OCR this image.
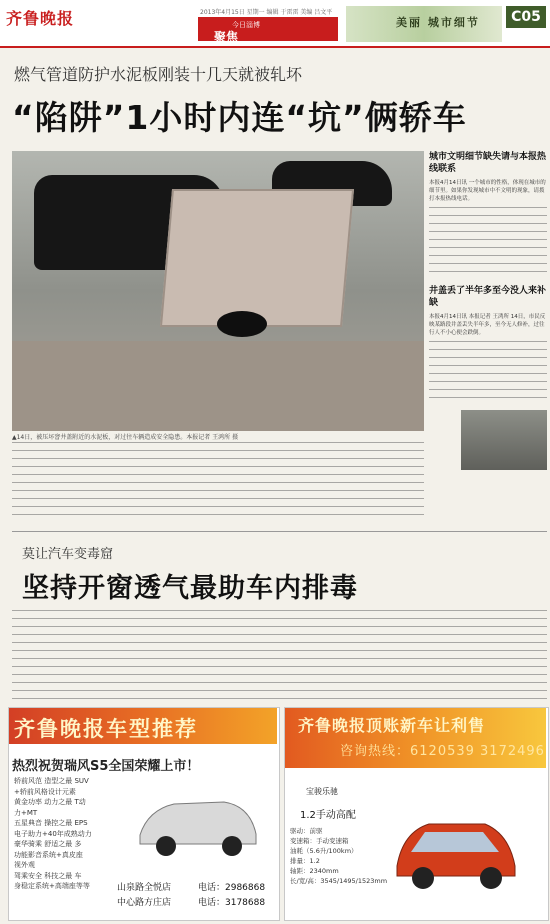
齐鲁晚报	2013年4月15日 星期一 编辑 于雷雷 美编 吕文平
今日淄博
聚焦
美丽 城市细节	C05
燃气管道防护水泥板刚装十几天就被轧坏
“陷阱”1小时内连“坑”俩轿车
▲14日，被压坏窨井盖附近的水泥板，对过往车辆造成安全隐患。本报记者 王鸿所 摄
城市文明细节缺失请与本报热线联系
本报4月14日讯 一个城市的性格，体现在城市的细节里。如果你发现城市中不文明的现象，请拨打本报热线电话。
井盖丢了半年多至今没人来补缺
本报4月14日讯 本报记者 王鸿所 14日，市民反映某路段井盖丢失半年多，至今无人修补，过往行人不小心便会跌倒。
莫让汽车变毒窟
坚持开窗透气最助车内排毒
齐鲁晚报车型推荐
热烈祝贺瑞风S5全国荣耀上市！
轿前风范 造型之最 SUV
+轿前风格设计元素
黄金功率 动力之最 T动
力+MT
五星典音 操控之最 EPS
电子助力+40年成熟动力
豪华骑乘 舒适之最 多
功能影音系统+真皮座
视外观
驾乘安全 科技之最 车
身稳定系统+高端座等等	山泉路全悦店	电话：2986868
中心路方庄店	电话：3178688
齐鲁晚报顶账新车让利售
咨询热线：6120539 3172496
宝骏乐驰
1.2手动高配
驱动：前驱
变速箱：手动变速箱
油耗（5.6升/100km）
排量：1.2
轴距：2340mm
长/宽/高：3545/1495/1523mm
